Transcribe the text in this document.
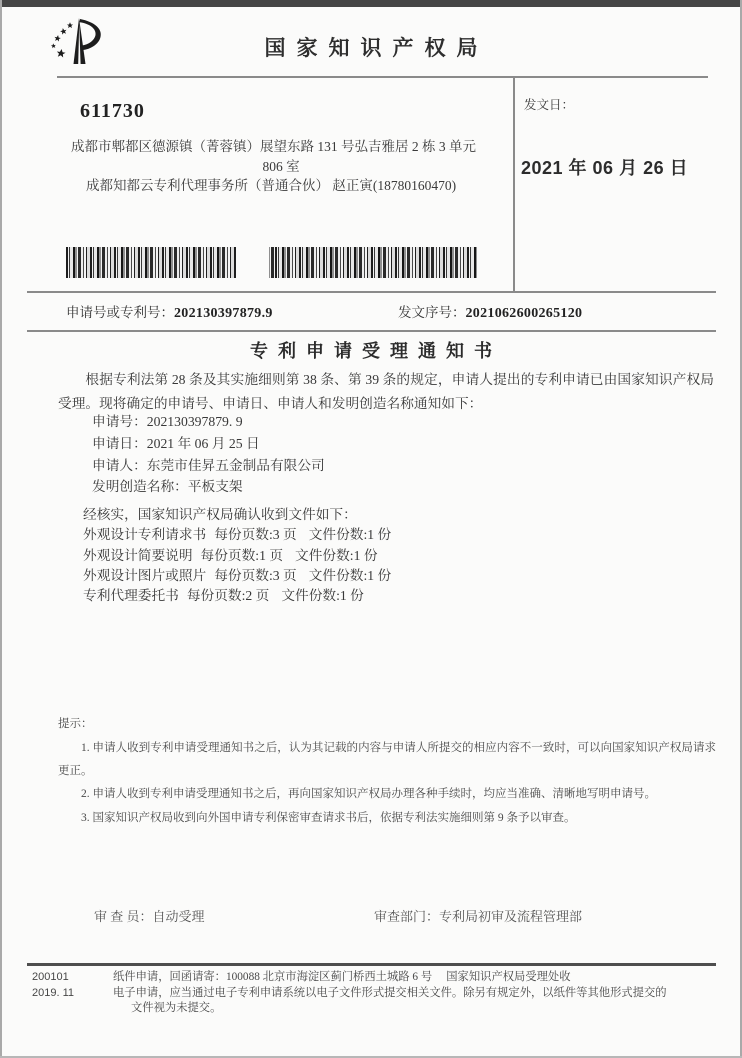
国家知识产权局
发文日：
2021 年 06 月 26 日
611730
成都市郫都区德源镇（菁蓉镇）展望东路 131 号弘吉雅居 2 栋 3 单元
806 室
成都知都云专利代理事务所（普通合伙） 赵正寅(18780160470)
申请号或专利号：202130397879.9	发文序号：2021062600265120
专利申请受理通知书
根据专利法第 28 条及其实施细则第 38 条、第 39 条的规定，申请人提出的专利申请已由国家知识产权局受理。现将确定的申请号、申请日、申请人和发明创造名称通知如下：
申请号：202130397879. 9
申请日：2021 年 06 月 25 日
申请人：东莞市佳昇五金制品有限公司
发明创造名称：平板支架
经核实，国家知识产权局确认收到文件如下：
外观设计专利请求书 每份页数:3 页 文件份数:1 份
外观设计简要说明 每份页数:1 页 文件份数:1 份
外观设计图片或照片 每份页数:3 页 文件份数:1 份
专利代理委托书 每份页数:2 页 文件份数:1 份
提示：
1. 申请人收到专利申请受理通知书之后，认为其记载的内容与申请人所提交的相应内容不一致时，可以向国家知识产权局请求更正。
2. 申请人收到专利申请受理通知书之后，再向国家知识产权局办理各种手续时，均应当准确、清晰地写明申请号。
3. 国家知识产权局收到向外国申请专利保密审查请求书后，依据专利法实施细则第 9 条予以审查。
审 查 员：自动受理	审查部门：专利局初审及流程管理部
200101
2019. 11
纸件申请，回函请寄：100088 北京市海淀区蓟门桥西土城路 6 号　 国家知识产权局受理处收
电子申请，应当通过电子专利申请系统以电子文件形式提交相关文件。除另有规定外，以纸件等其他形式提交的
文件视为未提交。
